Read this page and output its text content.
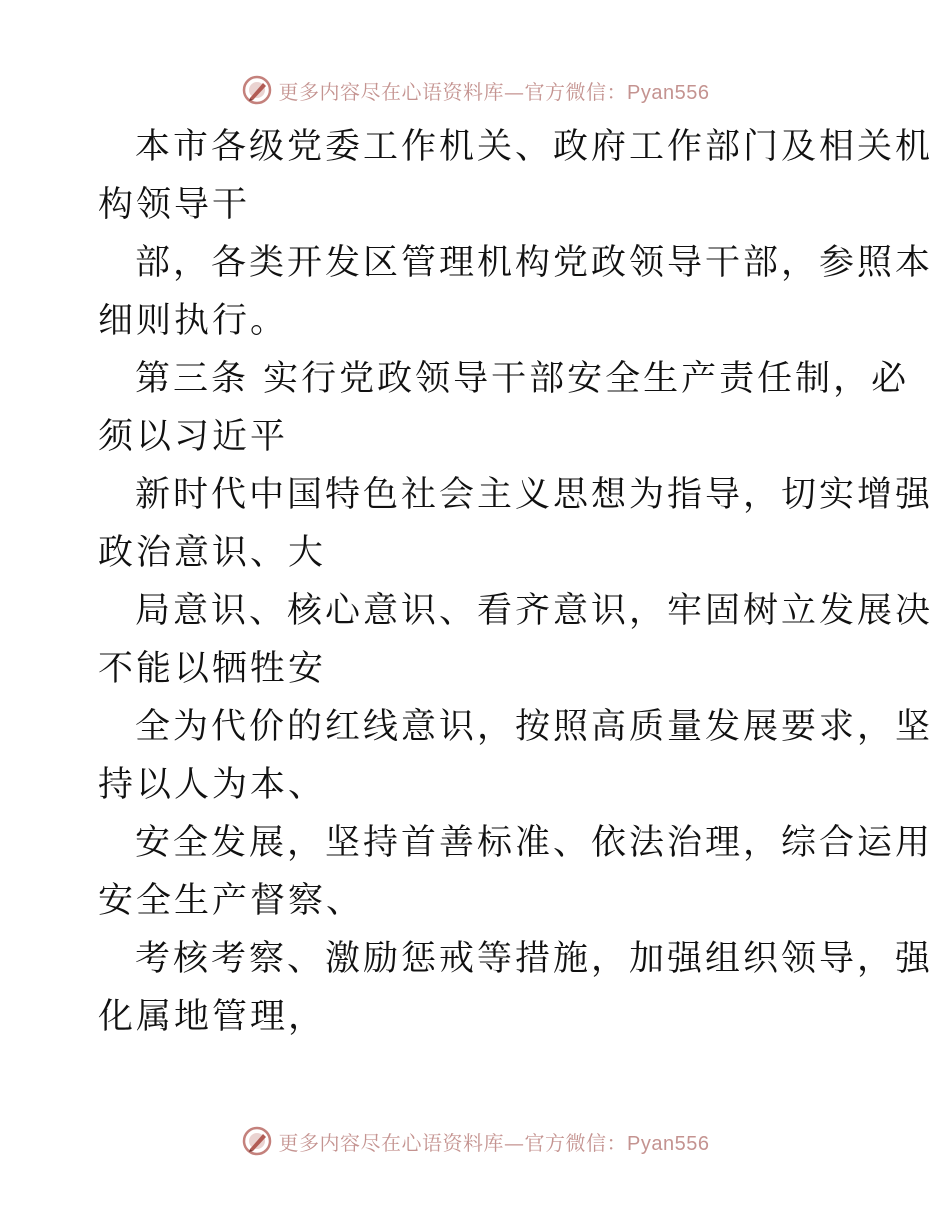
更多内容尽在心语资料库—官方微信：Pyan556

本市各级党委工作机关、政府工作部门及相关机
构领导干

部，各类开发区管理机构党政领导干部，参照本
细则执行。

第三条 实行党政领导干部安全生产责任制，必
须以习近平

新时代中国特色社会主义思想为指导，切实增强
政治意识、大

局意识、核心意识、看齐意识，牢固树立发展决
不能以牺牲安

全为代价的红线意识，按照高质量发展要求，坚
持以人为本、

安全发展，坚持首善标准、依法治理，综合运用
安全生产督察、

考核考察、激励惩戒等措施，加强组织领导，强
化属地管理，

更多内容尽在心语资料库—官方微信：Pyan556
